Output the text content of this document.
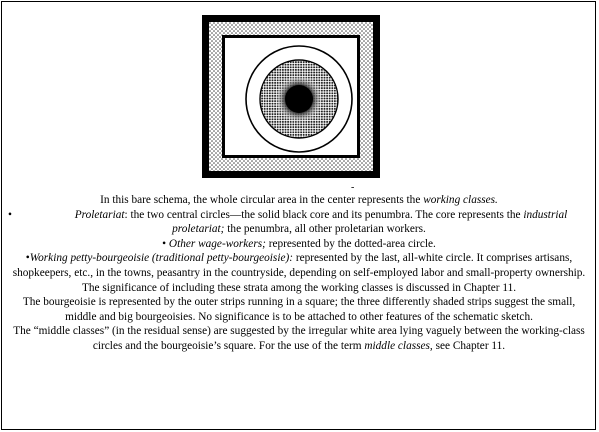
-

In this bare schema, the whole circular area in the center represents the working classes.

•	Proletariat: the two central circles—the solid black core and its penumbra. The core represents the industrial proletariat; the penumbra, all other proletarian workers.

• Other wage-workers; represented by the dotted-area circle.

•Working petty-bourgeoisie (traditional petty-bourgeoisie): represented by the last, all-white circle. It comprises artisans, shopkeepers, etc., in the towns, peasantry in the countryside, depending on self-employed labor and small-property ownership. The significance of including these strata among the working classes is discussed in Chapter 11.

The bourgeoisie is represented by the outer strips running in a square; the three differently shaded strips suggest the small, middle and big bourgeoisies. No significance is to be attached to other features of the schematic sketch.

The “middle classes” (in the residual sense) are suggested by the irregular white area lying vaguely between the working-class circles and the bourgeoisie’s square. For the use of the term middle classes, see Chapter 11.
